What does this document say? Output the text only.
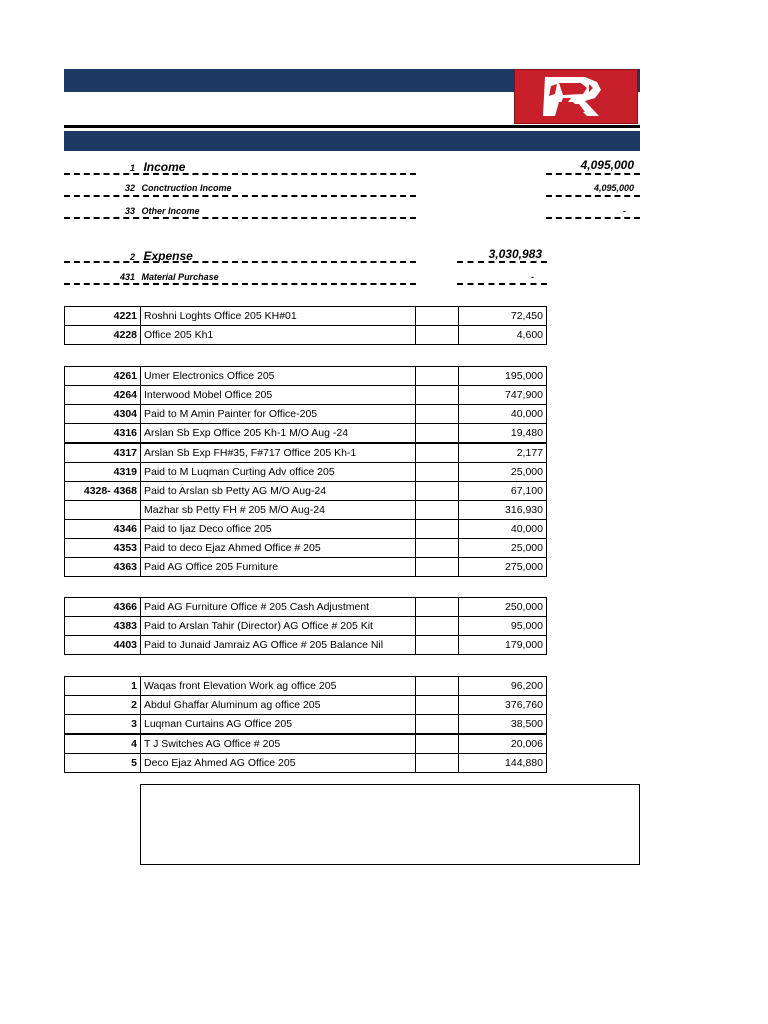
1 Income	4,095,000
32 Conctruction Income	4,095,000
33 Other Income	-
2 Expense	3,030,983
431 Material Purchase	-
4221	Roshni Loghts Office 205 KH#01		72,450
4228	Office 205 Kh1		4,600
4261	Umer Electronics Office 205		195,000
4264	Interwood Mobel Office 205		747,900
4304	Paid to M Amin Painter for Office-205		40,000
4316	Arslan Sb Exp Office 205 Kh-1 M/O Aug -24		19,480
4317	Arslan Sb Exp FH#35, F#717 Office 205 Kh-1		2,177
4319	Paid to M Luqman Curting Adv office 205		25,000
4328- 4368	Paid to Arslan sb Petty AG M/O Aug-24		67,100
	Mazhar sb Petty FH # 205 M/O Aug-24		316,930
4346	Paid to Ijaz Deco office 205		40,000
4353	Paid to deco Ejaz Ahmed Office # 205		25,000
4363	Paid AG Office 205 Furniture		275,000
4366	Paid AG Furniture Office # 205 Cash Adjustment		250,000
4383	Paid to Arslan Tahir (Director) AG Office # 205 Kit		95,000
4403	Paid to Junaid Jamraiz AG Office # 205 Balance Nil		179,000
1	Waqas front Elevation Work ag office 205		96,200
2	Abdul Ghaffar Aluminum ag office 205		376,760
3	Luqman Curtains AG Office 205		38,500
4	T J Switches AG Office # 205		20,006
5	Deco Ejaz Ahmed AG Office 205		144,880
